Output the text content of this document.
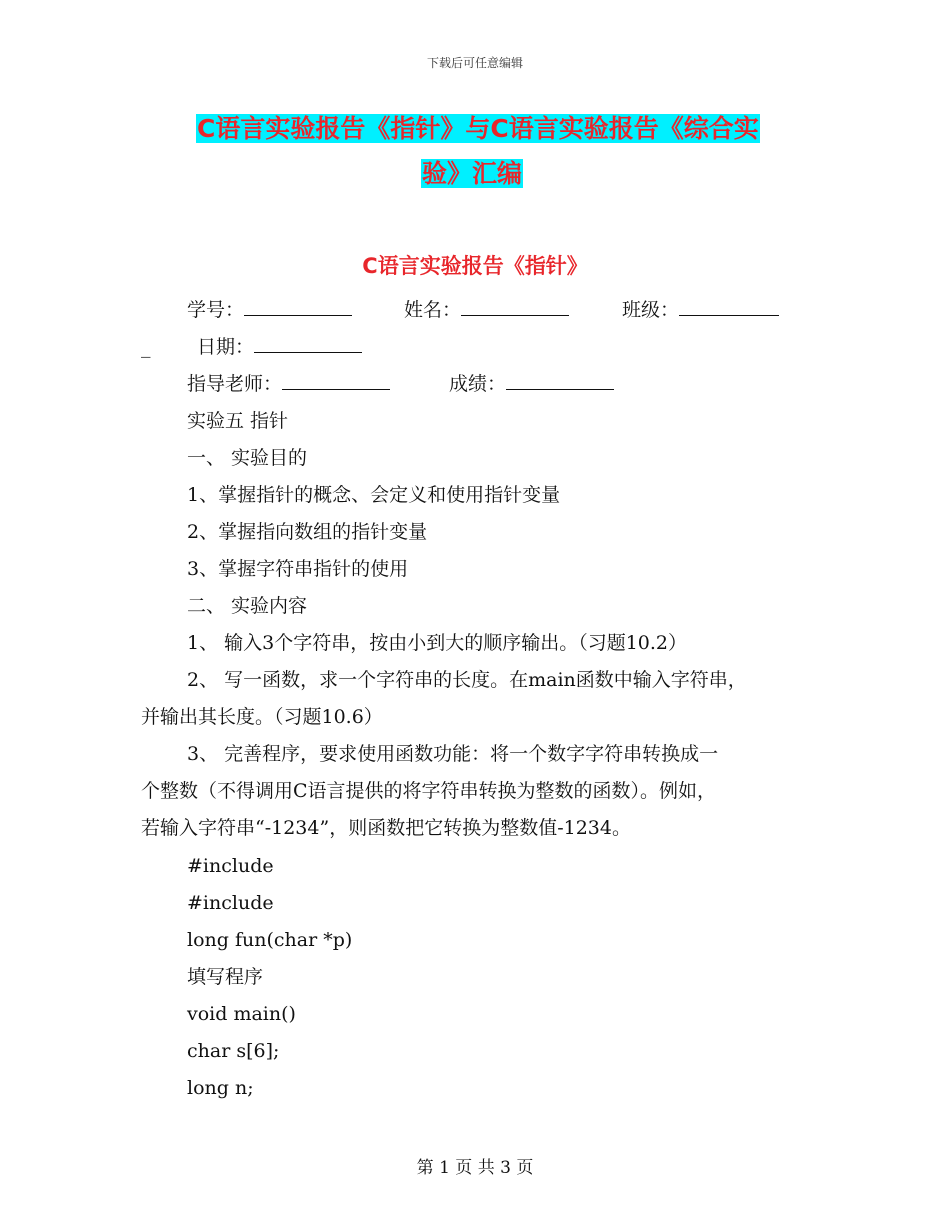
下载后可任意编辑
C语言实验报告《指针》与C语言实验报告《综合实
验》汇编
C语言实验报告《指针》
学号：	姓名：	班级：
_ 日期：
指导老师：	成绩：
实验五 指针
一、 实验目的
1、掌握指针的概念、会定义和使用指针变量
2、掌握指向数组的指针变量
3、掌握字符串指针的使用
二、 实验内容
1、 输入3个字符串，按由小到大的顺序输出。（习题10.2）
2、 写一函数，求一个字符串的长度。在main函数中输入字符串，
并输出其长度。（习题10.6）
3、 完善程序，要求使用函数功能：将一个数字字符串转换成一
个整数（不得调用C语言提供的将字符串转换为整数的函数）。例如，
若输入字符串“-1234”，则函数把它转换为整数值-1234。
#include
#include
long fun(char *p)
填写程序
void main()
char s[6];
long n;
第 1 页 共 3 页
